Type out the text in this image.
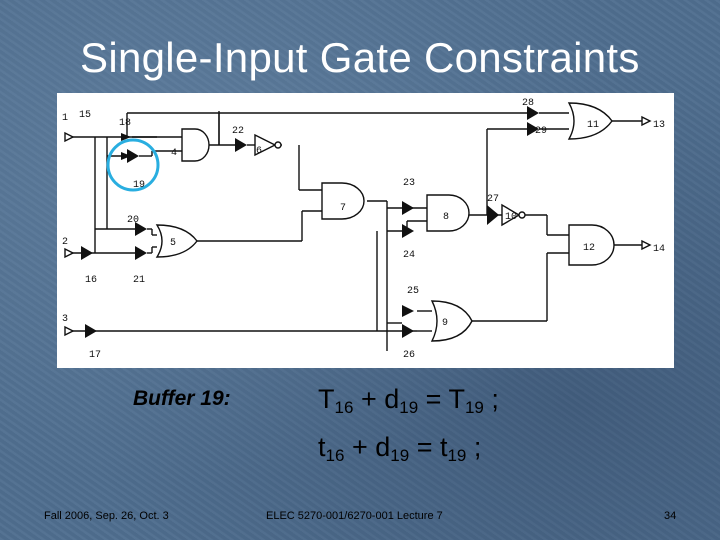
Single-Input Gate Constraints
1 15
18
19
4
22
6
20
5
2
16	21
3
17
7
23
8
24
25
9
26
27
10
28
29
11	13
12	14
Buffer 19:	$T_{16} + d_{19} = T_{19}$ ;
$t_{16} + d_{19} = t_{19}$ ;
Fall 2006, Sep. 26, Oct. 3	ELEC 5270-001/6270-001 Lecture 7	34
